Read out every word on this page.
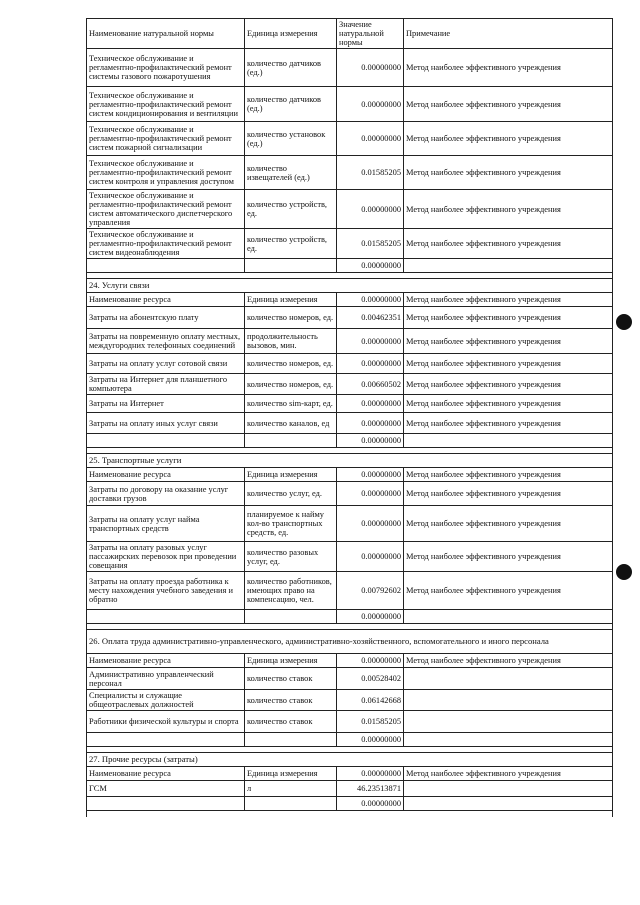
Наименование натуральной нормы	Единица измерения	Значение натуральной нормы	Примечание
Техническое обслуживание и регламентно-профилактический ремонт системы газового пожаротушения	количество датчиков (ед.)	0.00000000	Метод наиболее эффективного учреждения
Техническое обслуживание и регламентно-профилактический ремонт систем кондиционирования и вентиляции	количество датчиков (ед.)	0.00000000	Метод наиболее эффективного учреждения
Техническое обслуживание и регламентно-профилактический ремонт систем пожарной сигнализации	количество установок (ед.)	0.00000000	Метод наиболее эффективного учреждения
Техническое обслуживание и регламентно-профилактический ремонт систем контроля и управления доступом	количество извещателей (ед.)	0.01585205	Метод наиболее эффективного учреждения
Техническое обслуживание и регламентно-профилактический ремонт систем автоматического диспетчерского управления	количество устройств, ед.	0.00000000	Метод наиболее эффективного учреждения
Техническое обслуживание и регламентно-профилактический ремонт систем видеонаблюдения	количество устройств, ед.	0.01585205	Метод наиболее эффективного учреждения
		0.00000000	

24. Услуги связи			
Наименование ресурса	Единица измерения	0.00000000	Метод наиболее эффективного учреждения
Затраты на абонентскую плату	количество номеров, ед.	0.00462351	Метод наиболее эффективного учреждения
Затраты на повременную оплату местных, междугородних телефонных соединений	продолжительность вызовов, мин.	0.00000000	Метод наиболее эффективного учреждения
Затраты на оплату услуг сотовой связи	количество номеров, ед.	0.00000000	Метод наиболее эффективного учреждения
Затраты на Интернет для планшетного компьютера	количество номеров, ед.	0.00660502	Метод наиболее эффективного учреждения
Затраты на Интернет	количество sim-карт, ед.	0.00000000	Метод наиболее эффективного учреждения
Затраты на оплату иных услуг связи	количество каналов, ед	0.00000000	Метод наиболее эффективного учреждения
		0.00000000	

25. Транспортные услуги			
Наименование ресурса	Единица измерения	0.00000000	Метод наиболее эффективного учреждения
Затраты по договору на оказание услуг доставки грузов	количество услуг, ед.	0.00000000	Метод наиболее эффективного учреждения
Затраты на оплату услуг найма транспортных средств	планируемое к найму кол-во транспортных средств, ед.	0.00000000	Метод наиболее эффективного учреждения
Затраты на оплату разовых услуг пассажирских перевозок при проведении совещания	количество разовых услуг, ед.	0.00000000	Метод наиболее эффективного учреждения
Затраты на оплату проезда работника к месту нахождения учебного заведения и обратно	количество работников, имеющих право на компенсацию, чел.	0.00792602	Метод наиболее эффективного учреждения
		0.00000000	

26. Оплата труда административно-управленческого, административно-хозяйственного, вспомогательного и иного персонала			
Наименование ресурса	Единица измерения	0.00000000	Метод наиболее эффективного учреждения
Административно управленческий персонал	количество ставок	0.00528402	
Специалисты и служащие общеотраслевых должностей	количество ставок	0.06142668	
Работники физической культуры и спорта	количество ставок	0.01585205	
		0.00000000	

27. Прочие ресурсы (затраты)			
Наименование ресурса	Единица измерения	0.00000000	Метод наиболее эффективного учреждения
ГСМ	л	46.23513871	
		0.00000000	
